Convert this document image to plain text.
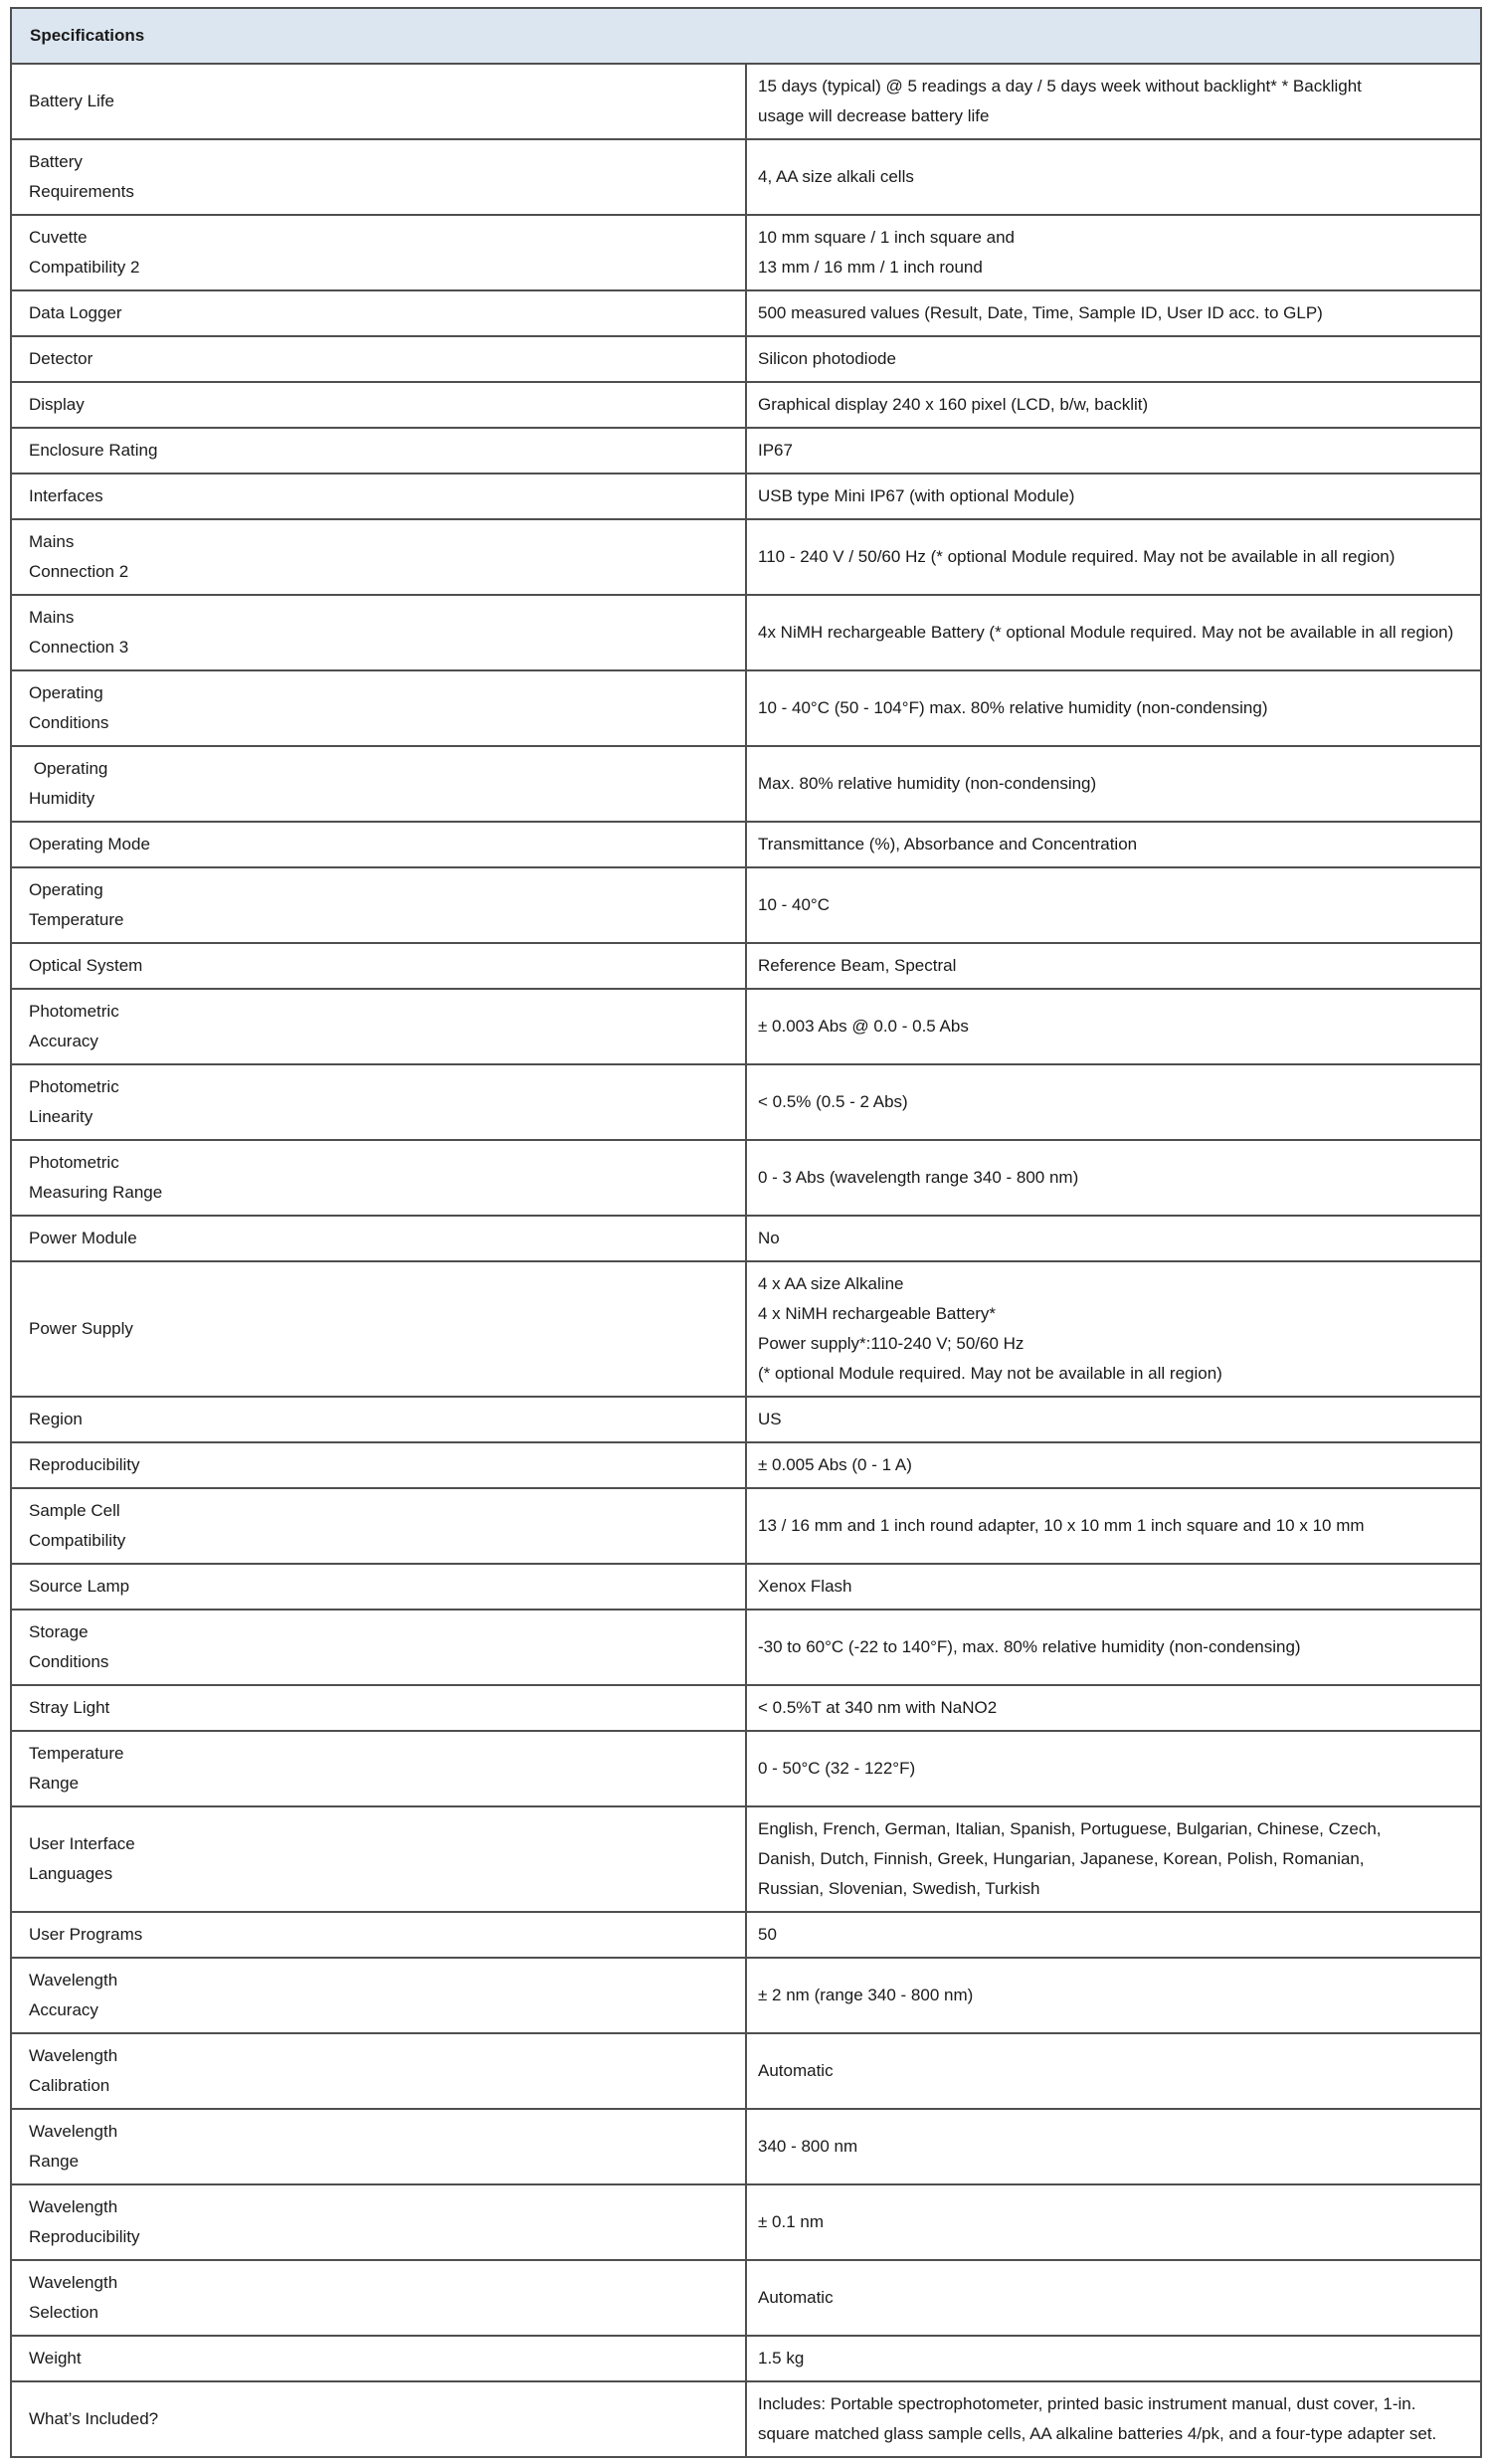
Specifications	
Battery Life	15 days (typical) @ 5 readings a day / 5 days week without backlight* * Backlight
usage will decrease battery life
Battery
Requirements	4, AA size alkali cells
Cuvette
Compatibility 2	10 mm square / 1 inch square and
13 mm / 16 mm / 1 inch round
Data Logger	500 measured values (Result, Date, Time, Sample ID, User ID acc. to GLP)
Detector	Silicon photodiode
Display	Graphical display 240 x 160 pixel (LCD, b/w, backlit)
Enclosure Rating	IP67
Interfaces	USB type Mini IP67 (with optional Module)
Mains
Connection 2	110 - 240 V / 50/60 Hz (* optional Module required. May not be available in all region)
Mains
Connection 3	4x NiMH rechargeable Battery (* optional Module required. May not be available in all region)
Operating
Conditions	10 - 40°C (50 - 104°F) max. 80% relative humidity (non-condensing)
Operating
Humidity	Max. 80% relative humidity (non-condensing)
Operating Mode	Transmittance (%), Absorbance and Concentration
Operating
Temperature	10 - 40°C
Optical System	Reference Beam, Spectral
Photometric
Accuracy	± 0.003 Abs @ 0.0 - 0.5 Abs
Photometric
Linearity	< 0.5% (0.5 - 2 Abs)
Photometric
Measuring Range	0 - 3 Abs (wavelength range 340 - 800 nm)
Power Module	No
Power Supply	4 x AA size Alkaline
4 x NiMH rechargeable Battery*
Power supply*:110-240 V; 50/60 Hz
(* optional Module required. May not be available in all region)
Region	US
Reproducibility	± 0.005 Abs (0 - 1 A)
Sample Cell
Compatibility	13 / 16 mm and 1 inch round adapter, 10 x 10 mm 1 inch square and 10 x 10 mm
Source Lamp	Xenox Flash
Storage
Conditions	-30 to 60°C (-22 to 140°F), max. 80% relative humidity (non-condensing)
Stray Light	< 0.5%T at 340 nm with NaNO2
Temperature
Range	0 - 50°C (32 - 122°F)
User Interface
Languages	English, French, German, Italian, Spanish, Portuguese, Bulgarian, Chinese, Czech,
Danish, Dutch, Finnish, Greek, Hungarian, Japanese, Korean, Polish, Romanian,
Russian, Slovenian, Swedish, Turkish
User Programs	50
Wavelength
Accuracy	± 2 nm (range 340 - 800 nm)
Wavelength
Calibration	Automatic
Wavelength
Range	340 - 800 nm
Wavelength
Reproducibility	± 0.1 nm
Wavelength
Selection	Automatic
Weight	1.5 kg
What’s Included?	Includes: Portable spectrophotometer, printed basic instrument manual, dust cover, 1-in.
square matched glass sample cells, AA alkaline batteries 4/pk, and a four-type adapter set.
